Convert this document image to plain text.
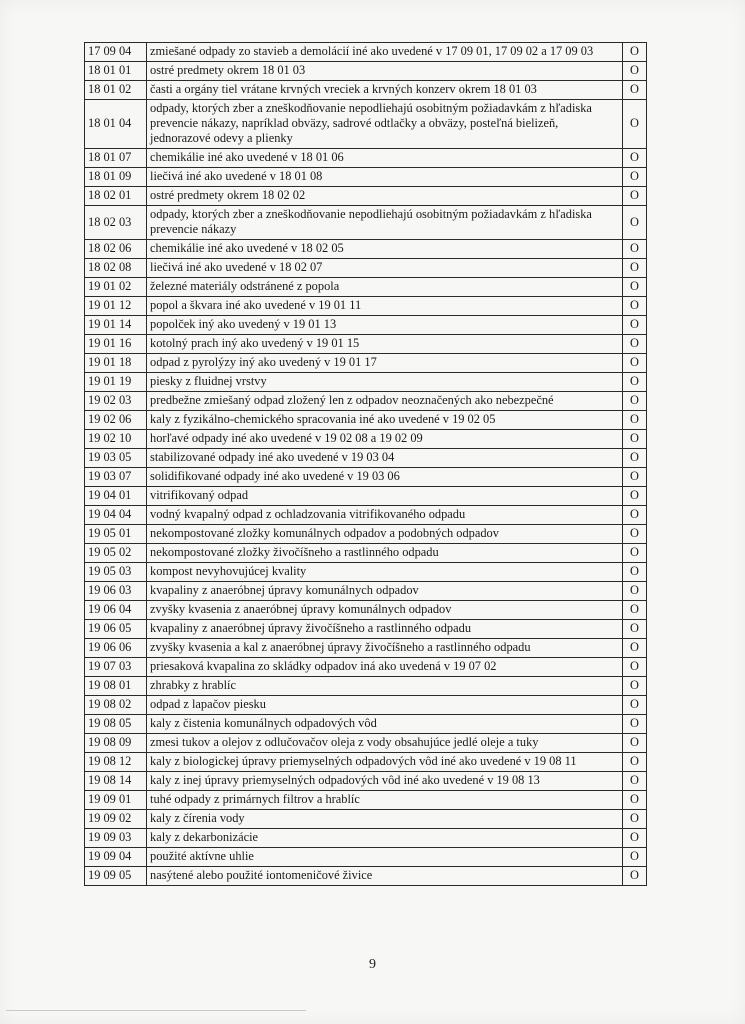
17 09 04	zmiešané odpady zo stavieb a demolácií iné ako uvedené v 17 09 01, 17 09 02 a 17 09 03	O
18 01 01	ostré predmety okrem 18 01 03	O
18 01 02	časti a orgány tiel vrátane krvných vreciek a krvných konzerv okrem 18 01 03	O
18 01 04	odpady, ktorých zber a zneškodňovanie nepodliehajú osobitným požiadavkám z hľadiska prevencie nákazy, napríklad obväzy, sadrové odtlačky a obväzy, posteľná bielizeň, jednorazové odevy a plienky	O
18 01 07	chemikálie iné ako uvedené v 18 01 06	O
18 01 09	liečivá iné ako uvedené v 18 01 08	O
18 02 01	ostré predmety okrem 18 02 02	O
18 02 03	odpady, ktorých zber a zneškodňovanie nepodliehajú osobitným požiadavkám z hľadiska prevencie nákazy	O
18 02 06	chemikálie iné ako uvedené v 18 02 05	O
18 02 08	liečivá iné ako uvedené v 18 02 07	O
19 01 02	železné materiály odstránené z popola	O
19 01 12	popol a škvara iné ako uvedené v 19 01 11	O
19 01 14	popolček iný ako uvedený v 19 01 13	O
19 01 16	kotolný prach iný ako uvedený v 19 01 15	O
19 01 18	odpad z pyrolýzy iný ako uvedený v 19 01 17	O
19 01 19	piesky z fluidnej vrstvy	O
19 02 03	predbežne zmiešaný odpad zložený len z odpadov neoznačených ako nebezpečné	O
19 02 06	kaly z fyzikálno-chemického spracovania iné ako uvedené v 19 02 05	O
19 02 10	horľavé odpady iné ako uvedené v 19 02 08 a 19 02 09	O
19 03 05	stabilizované odpady iné ako uvedené v 19 03 04	O
19 03 07	solidifikované odpady iné ako uvedené v 19 03 06	O
19 04 01	vitrifikovaný odpad	O
19 04 04	vodný kvapalný odpad z ochladzovania vitrifikovaného odpadu	O
19 05 01	nekompostované zložky komunálnych odpadov a podobných odpadov	O
19 05 02	nekompostované zložky živočíšneho a rastlinného odpadu	O
19 05 03	kompost nevyhovujúcej kvality	O
19 06 03	kvapaliny z anaeróbnej úpravy komunálnych odpadov	O
19 06 04	zvyšky kvasenia z anaeróbnej úpravy komunálnych odpadov	O
19 06 05	kvapaliny z anaeróbnej úpravy živočíšneho a rastlinného odpadu	O
19 06 06	zvyšky kvasenia a kal z anaeróbnej úpravy živočíšneho a rastlinného odpadu	O
19 07 03	priesaková kvapalina zo skládky odpadov iná ako uvedená v 19 07 02	O
19 08 01	zhrabky z hrablíc	O
19 08 02	odpad z lapačov piesku	O
19 08 05	kaly z čistenia komunálnych odpadových vôd	O
19 08 09	zmesi tukov a olejov z odlučovačov oleja z vody obsahujúce jedlé oleje a tuky	O
19 08 12	kaly z biologickej úpravy priemyselných odpadových vôd iné ako uvedené v 19 08 11	O
19 08 14	kaly z inej úpravy priemyselných odpadových vôd iné ako uvedené v 19 08 13	O
19 09 01	tuhé odpady z primárnych filtrov a hrablíc	O
19 09 02	kaly z čírenia vody	O
19 09 03	kaly z dekarbonizácie	O
19 09 04	použité aktívne uhlie	O
19 09 05	nasýtené alebo použité iontomeničové živice	O
9
